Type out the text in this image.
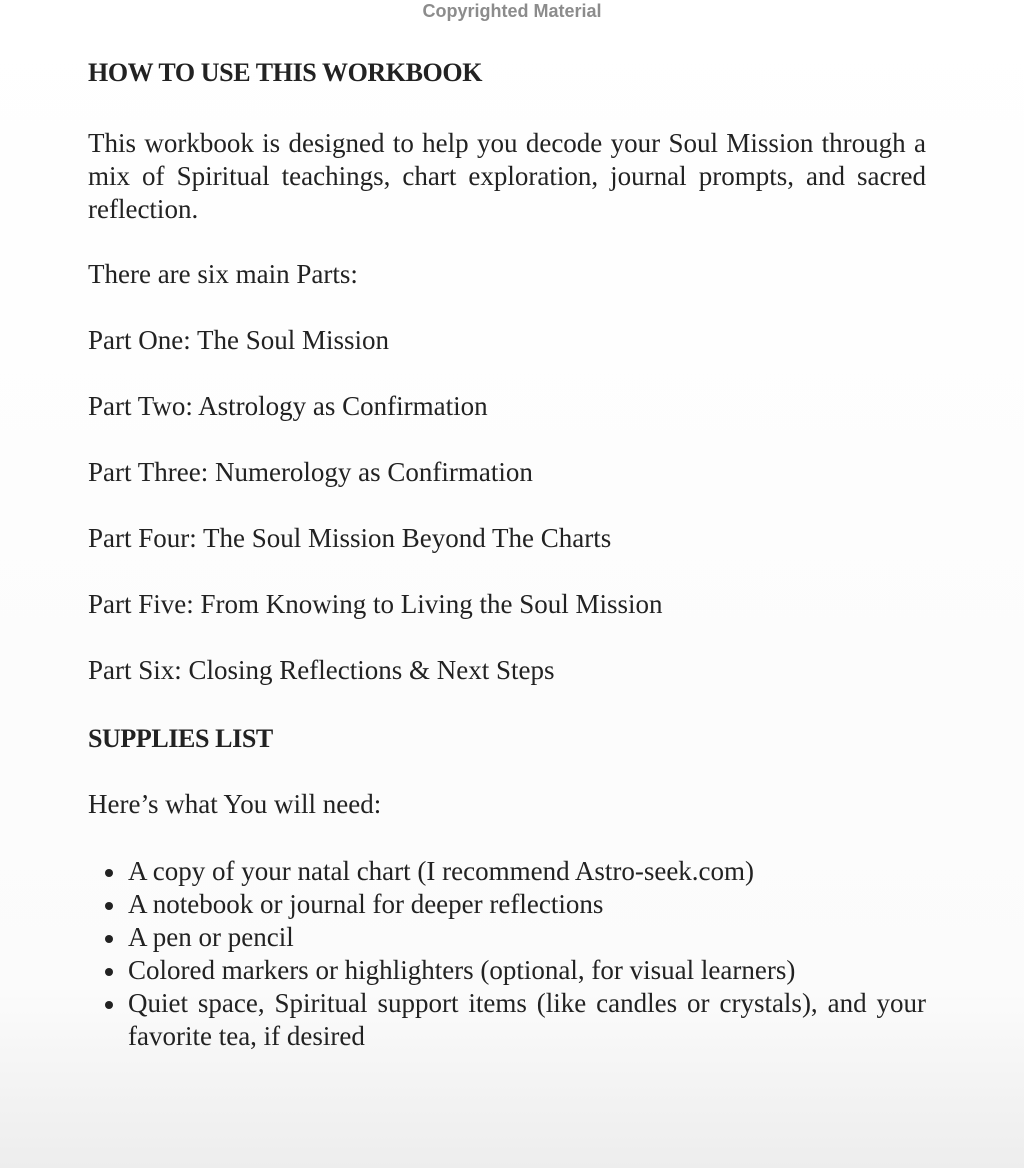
Copyrighted Material
HOW TO USE THIS WORKBOOK
This workbook is designed to help you decode your Soul Mission through a mix of Spiritual teachings, chart exploration, journal prompts, and sacred reflection.
There are six main Parts:
Part One: The Soul Mission
Part Two: Astrology as Confirmation
Part Three: Numerology as Confirmation
Part Four: The Soul Mission Beyond The Charts
Part Five: From Knowing to Living the Soul Mission
Part Six: Closing Reflections & Next Steps
SUPPLIES LIST
Here’s what You will need:
A copy of your natal chart (I recommend Astro-seek.com)
A notebook or journal for deeper reflections
A pen or pencil
Colored markers or highlighters (optional, for visual learners)
Quiet space, Spiritual support items (like candles or crystals), and your favorite tea, if desired
